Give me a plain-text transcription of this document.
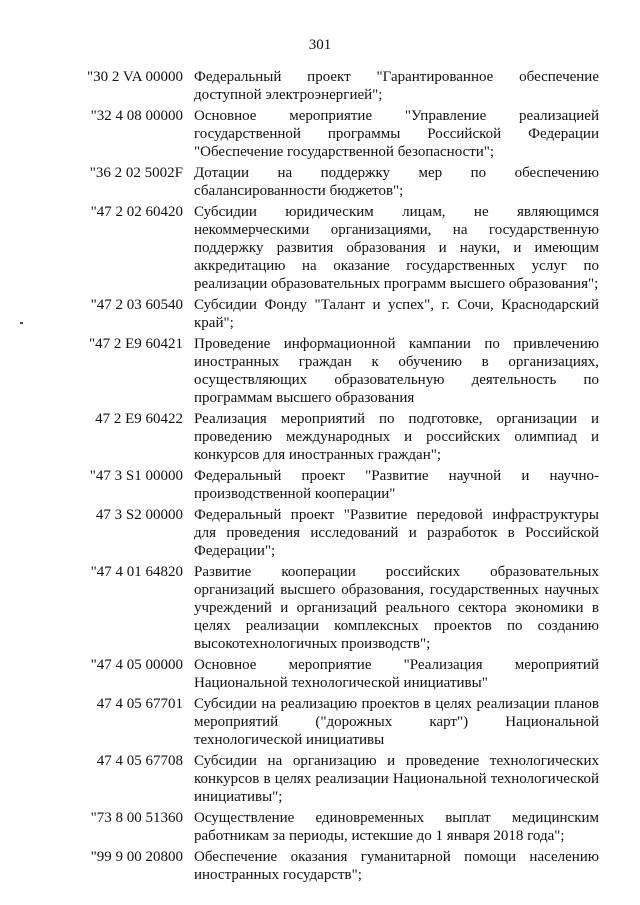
301
"30 2 VA 00000 Федеральный проект "Гарантированное обеспечение доступной электроэнергией";
"32 4 08 00000 Основное мероприятие "Управление реализацией государственной программы Российской Федерации "Обеспечение государственной безопасности";
"36 2 02 5002F Дотации на поддержку мер по обеспечению сбалансированности бюджетов";
"47 2 02 60420 Субсидии юридическим лицам, не являющимся некоммерческими организациями, на государственную поддержку развития образования и науки, и имеющим аккредитацию на оказание государственных услуг по реализации образовательных программ высшего образования";
"47 2 03 60540 Субсидии Фонду "Талант и успех", г. Сочи, Краснодарский край";
"47 2 E9 60421 Проведение информационной кампании по привлечению иностранных граждан к обучению в организациях, осуществляющих образовательную деятельность по программам высшего образования
47 2 E9 60422 Реализация мероприятий по подготовке, организации и проведению международных и российских олимпиад и конкурсов для иностранных граждан";
"47 3 S1 00000 Федеральный проект "Развитие научной и научно-производственной кооперации"
47 3 S2 00000 Федеральный проект "Развитие передовой инфраструктуры для проведения исследований и разработок в Российской Федерации";
"47 4 01 64820 Развитие кооперации российских образовательных организаций высшего образования, государственных научных учреждений и организаций реального сектора экономики в целях реализации комплексных проектов по созданию высокотехнологичных производств";
"47 4 05 00000 Основное мероприятие "Реализация мероприятий Национальной технологической инициативы"
47 4 05 67701 Субсидии на реализацию проектов в целях реализации планов мероприятий ("дорожных карт") Национальной технологической инициативы
47 4 05 67708 Субсидии на организацию и проведение технологических конкурсов в целях реализации Национальной технологической инициативы";
"73 8 00 51360 Осуществление единовременных выплат медицинским работникам за периоды, истекшие до 1 января 2018 года";
"99 9 00 20800 Обеспечение оказания гуманитарной помощи населению иностранных государств";
